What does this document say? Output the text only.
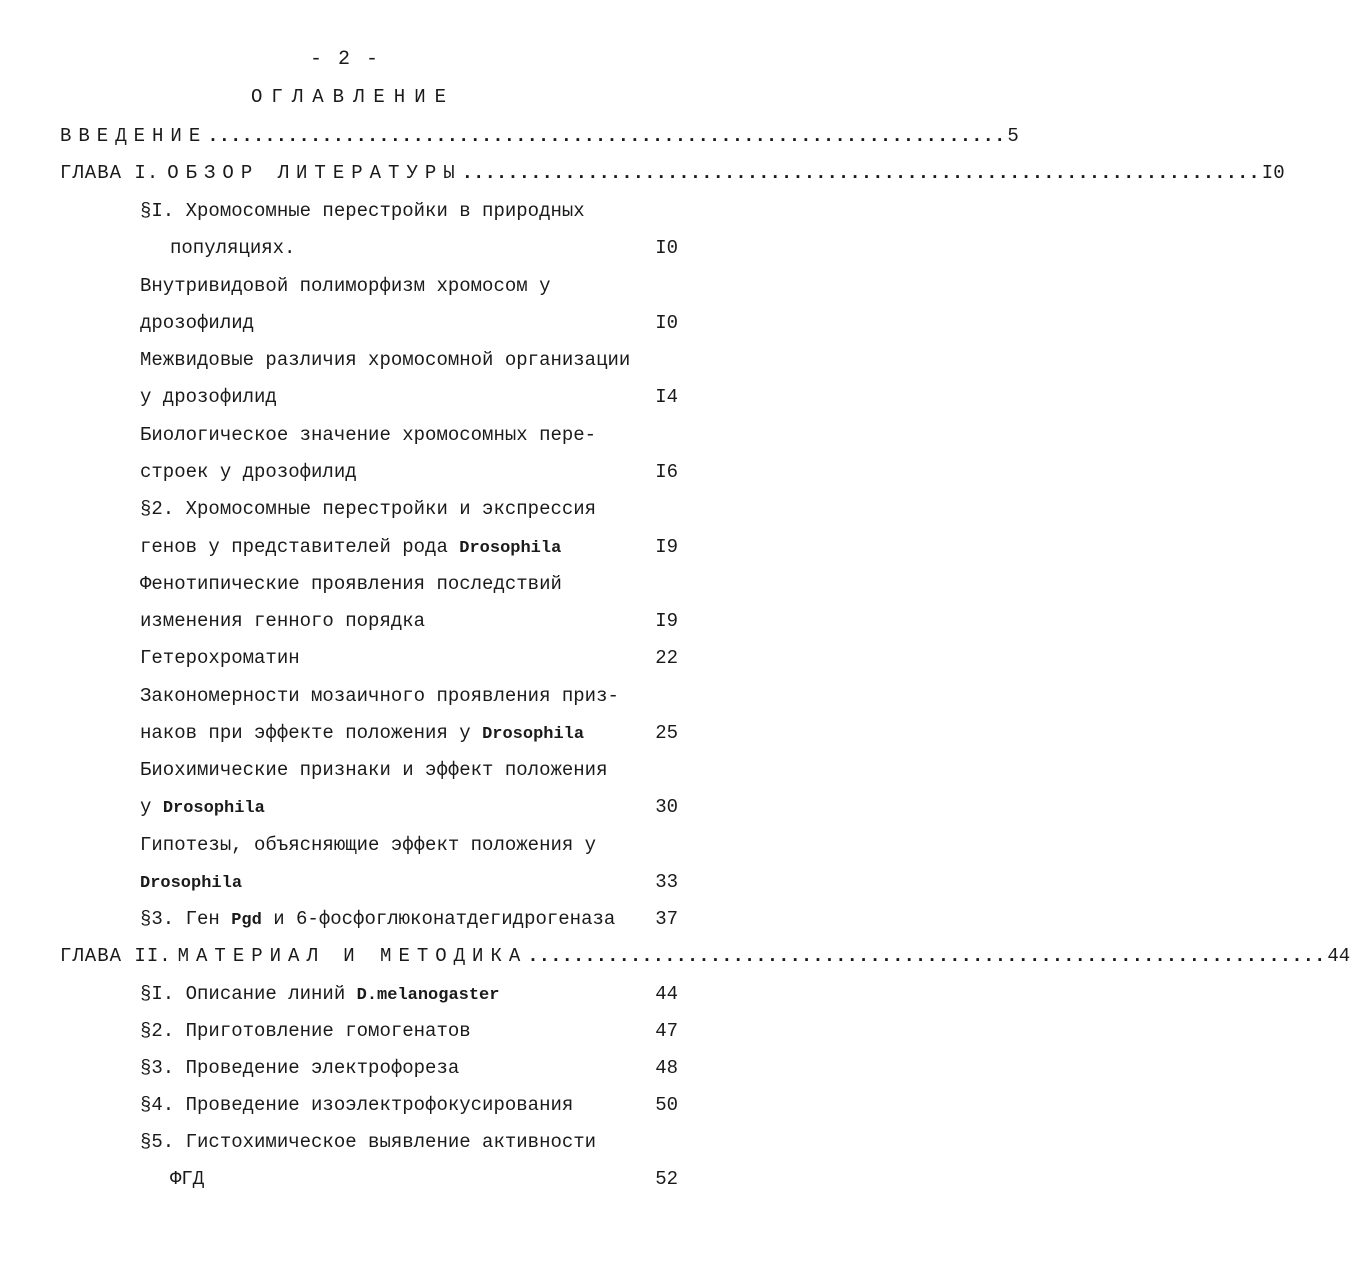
- 2 -
ОГЛАВЛЕНИЕ
ВВЕДЕНИЕ ...................................................................... 5
ГЛАВА I. ОБЗОР ЛИТЕРАТУРЫ ...................................................................... I0
§I. Хромосомные перестройки в природных
популяциях.	I0
Внутривидовой полиморфизм хромосом у
дрозофилид	I0
Межвидовые различия хромосомной организации
у дрозофилид	I4
Биологическое значение хромосомных пере-
строек у дрозофилид	I6
§2. Хромосомные перестройки и экспрессия
генов у представителей рода Drosophila	I9
Фенотипические проявления последствий
изменения генного порядка	I9
Гетерохроматин	22
Закономерности мозаичного проявления приз-
наков при эффекте положения у Drosophila	25
Биохимические признаки и эффект положения
у Drosophila	30
Гипотезы, объясняющие эффект положения у
Drosophila	33
§3. Ген Pgd и 6-фосфоглюконатдегидрогеназа	37
ГЛАВА II. МАТЕРИАЛ И МЕТОДИКА ...................................................................... 44
§I. Описание линий D.melanogaster	44
§2. Приготовление гомогенатов	47
§3. Проведение электрофореза	48
§4. Проведение изоэлектрофокусирования	50
§5. Гистохимическое выявление активности
ФГД	52
